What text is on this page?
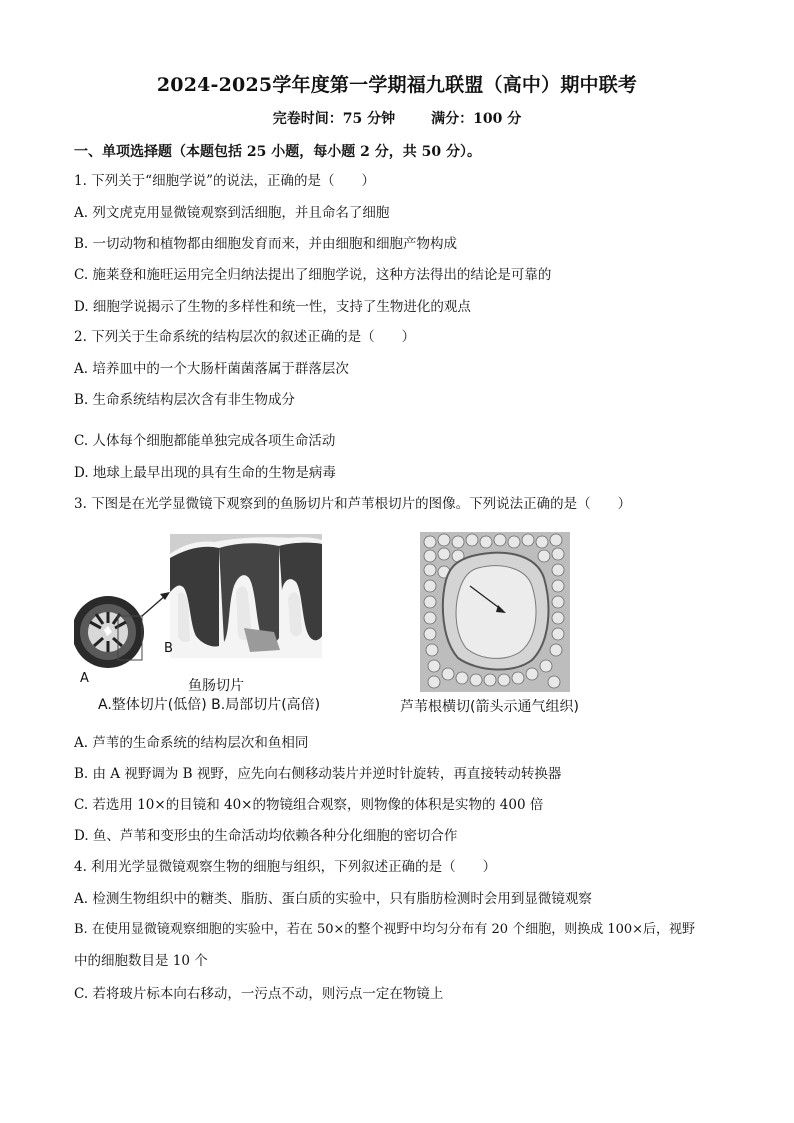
2024-2025学年度第一学期福九联盟（高中）期中联考
完卷时间：75 分钟	满分：100 分
一、单项选择题（本题包括 25 小题，每小题 2 分，共 50 分）。
1. 下列关于“细胞学说”的说法，正确的是（　　）
A. 列文虎克用显微镜观察到活细胞，并且命名了细胞
B. 一切动物和植物都由细胞发育而来，并由细胞和细胞产物构成
C. 施莱登和施旺运用完全归纳法提出了细胞学说，这种方法得出的结论是可靠的
D. 细胞学说揭示了生物的多样性和统一性，支持了生物进化的观点
2. 下列关于生命系统的结构层次的叙述正确的是（　　）
A. 培养皿中的一个大肠杆菌菌落属于群落层次
B. 生命系统结构层次含有非生物成分
C. 人体每个细胞都能单独完成各项生命活动
D. 地球上最早出现的具有生命的生物是病毒
3. 下图是在光学显微镜下观察到的鱼肠切片和芦苇根切片的图像。下列说法正确的是（　　）
A
B
鱼肠切片
A.整体切片(低倍) B.局部切片(高倍)	芦苇根横切(箭头示通气组织)
A. 芦苇的生命系统的结构层次和鱼相同
B. 由 A 视野调为 B 视野，应先向右侧移动装片并逆时针旋转，再直接转动转换器
C. 若选用 10×的目镜和 40×的物镜组合观察，则物像的体积是实物的 400 倍
D. 鱼、芦苇和变形虫的生命活动均依赖各种分化细胞的密切合作
4. 利用光学显微镜观察生物的细胞与组织，下列叙述正确的是（　　）
A. 检测生物组织中的糖类、脂肪、蛋白质的实验中，只有脂肪检测时会用到显微镜观察
B. 在使用显微镜观察细胞的实验中，若在 50×的整个视野中均匀分布有 20 个细胞，则换成 100×后，视野
中的细胞数目是 10 个
C. 若将玻片标本向右移动，一污点不动，则污点一定在物镜上
